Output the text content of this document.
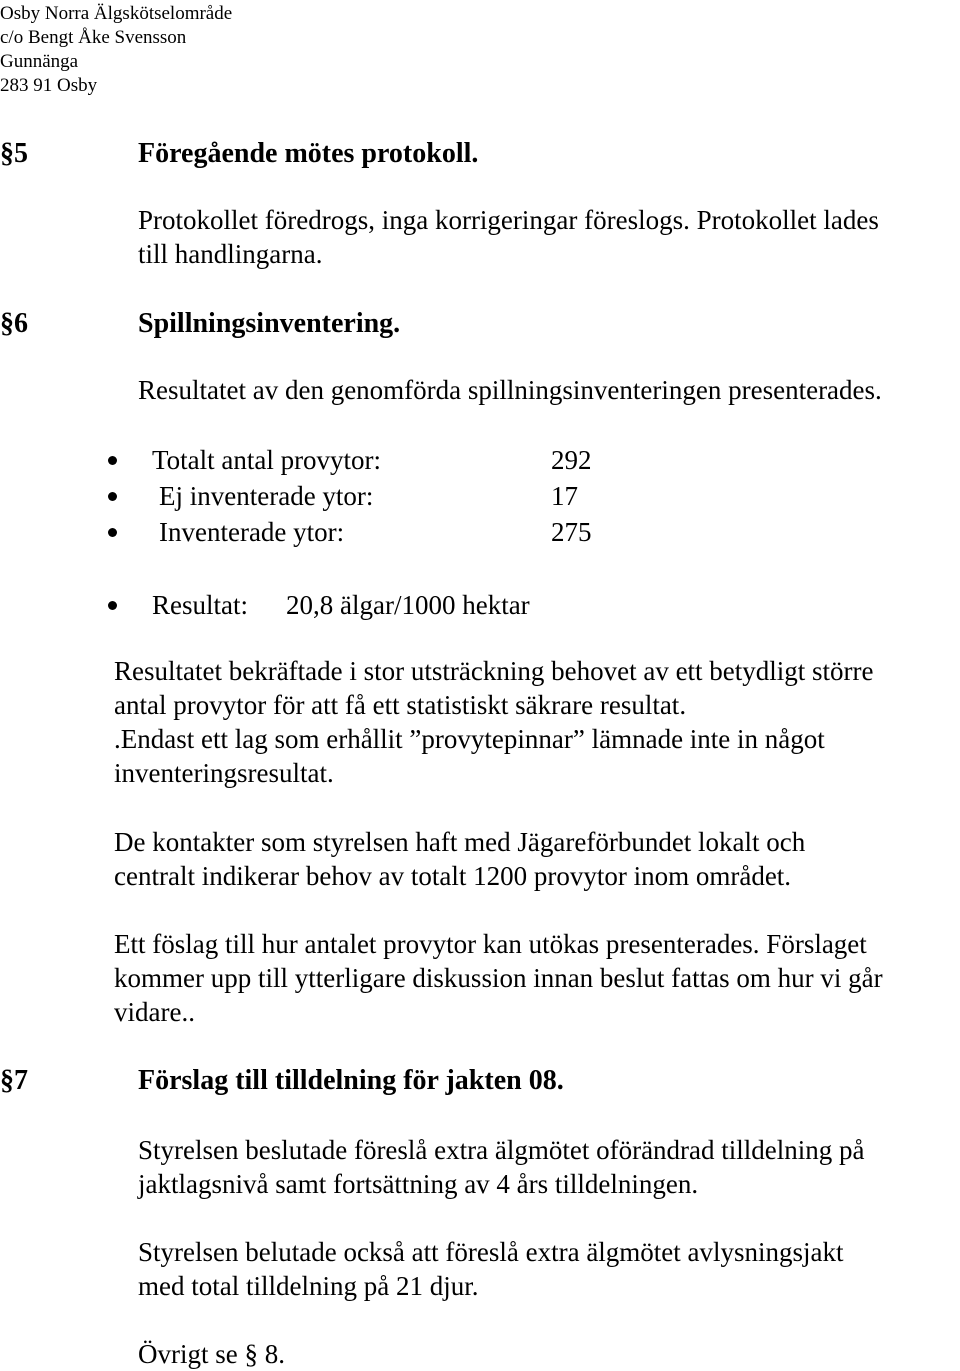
Osby Norra Älgskötselområde
c/o Bengt Åke Svensson
Gunnänga
283 91 Osby
§5	Föregående mötes protokoll.
Protokollet föredrogs, inga korrigeringar föreslogs. Protokollet lades
till handlingarna.
§6	Spillningsinventering.
Resultatet av den genomförda spillningsinventeringen presenterades.
Totalt antal provytor:	292
Ej inventerade ytor:	17
Inventerade ytor:	275
Resultat: 20,8 älgar/1000 hektar
Resultatet bekräftade i stor utsträckning behovet av ett betydligt större
antal provytor för att få ett statistiskt säkrare resultat.
.Endast ett lag som erhållit ”provytepinnar” lämnade inte in något
inventeringsresultat.
De kontakter som styrelsen haft med Jägareförbundet lokalt och
centralt indikerar behov av totalt 1200 provytor inom området.
Ett föslag till hur antalet provytor kan utökas presenterades. Förslaget
kommer upp till ytterligare diskussion innan beslut fattas om hur vi går
vidare..
§7	Förslag till tilldelning för jakten 08.
Styrelsen beslutade föreslå extra älgmötet oförändrad tilldelning på
jaktlagsnivå samt fortsättning av 4 års tilldelningen.
Styrelsen belutade också att föreslå extra älgmötet avlysningsjakt
med total tilldelning på 21 djur.
Övrigt se § 8.
